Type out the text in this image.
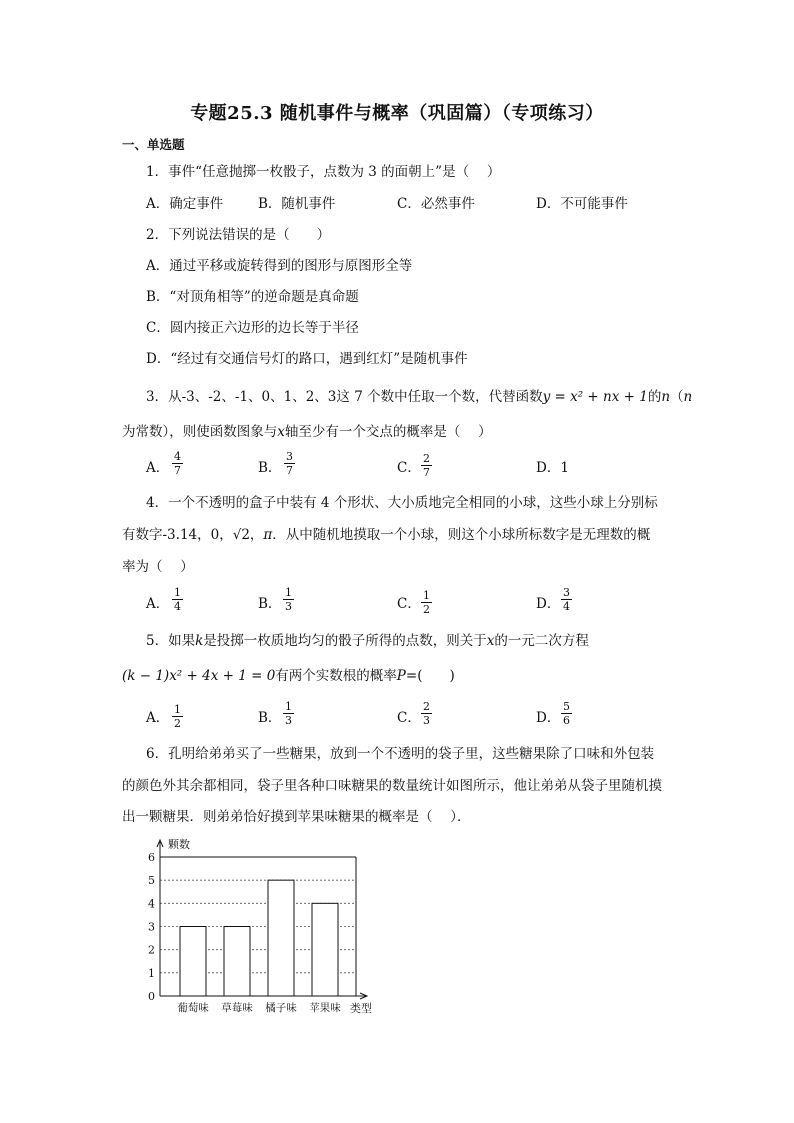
专题25.3 随机事件与概率（巩固篇）（专项练习）
一、单选题
1．事件“任意抛掷一枚骰子，点数为 3 的面朝上”是（　 ）
A．确定事件	B．随机事件	C．必然事件	D．不可能事件
2．下列说法错误的是（　　）
A．通过平移或旋转得到的图形与原图形全等
B．“对顶角相等”的逆命题是真命题
C．圆内接正六边形的边长等于半径
D．“经过有交通信号灯的路口，遇到红灯”是随机事件
3．从-3、-2、-1、0、1、2、3这 7 个数中任取一个数，代替函数y = x² + nx + 1的n（n
为常数），则使函数图象与x轴至少有一个交点的概率是（　 ）
A． $\frac{4}{7}$	B． $\frac{3}{7}$	C． $\frac{2}{7}$	D．1
4．一个不透明的盒子中装有 4 个形状、大小质地完全相同的小球，这些小球上分别标
有数字-3.14，0，√2，π．从中随机地摸取一个小球，则这个小球所标数字是无理数的概
率为（　 ）
A． $\frac{1}{4}$	B． $\frac{1}{3}$	C． $\frac{1}{2}$	D． $\frac{3}{4}$
5．如果k是投掷一枚质地均匀的骰子所得的点数，则关于x的一元二次方程
(k − 1)x² + 4x + 1 = 0有两个实数根的概率P=(　　)
A． $\frac{1}{2}$	B． $\frac{1}{3}$	C． $\frac{2}{3}$	D． $\frac{5}{6}$
6．孔明给弟弟买了一些糖果，放到一个不透明的袋子里，这些糖果除了口味和外包装
的颜色外其余都相同，袋子里各种口味糖果的数量统计如图所示，他让弟弟从袋子里随机摸
出一颗糖果．则弟弟恰好摸到苹果味糖果的概率是（　 ）．
0
1
2
3
4
5
6
葡萄味 草莓味 橘子味 苹果味
颗数
类型
